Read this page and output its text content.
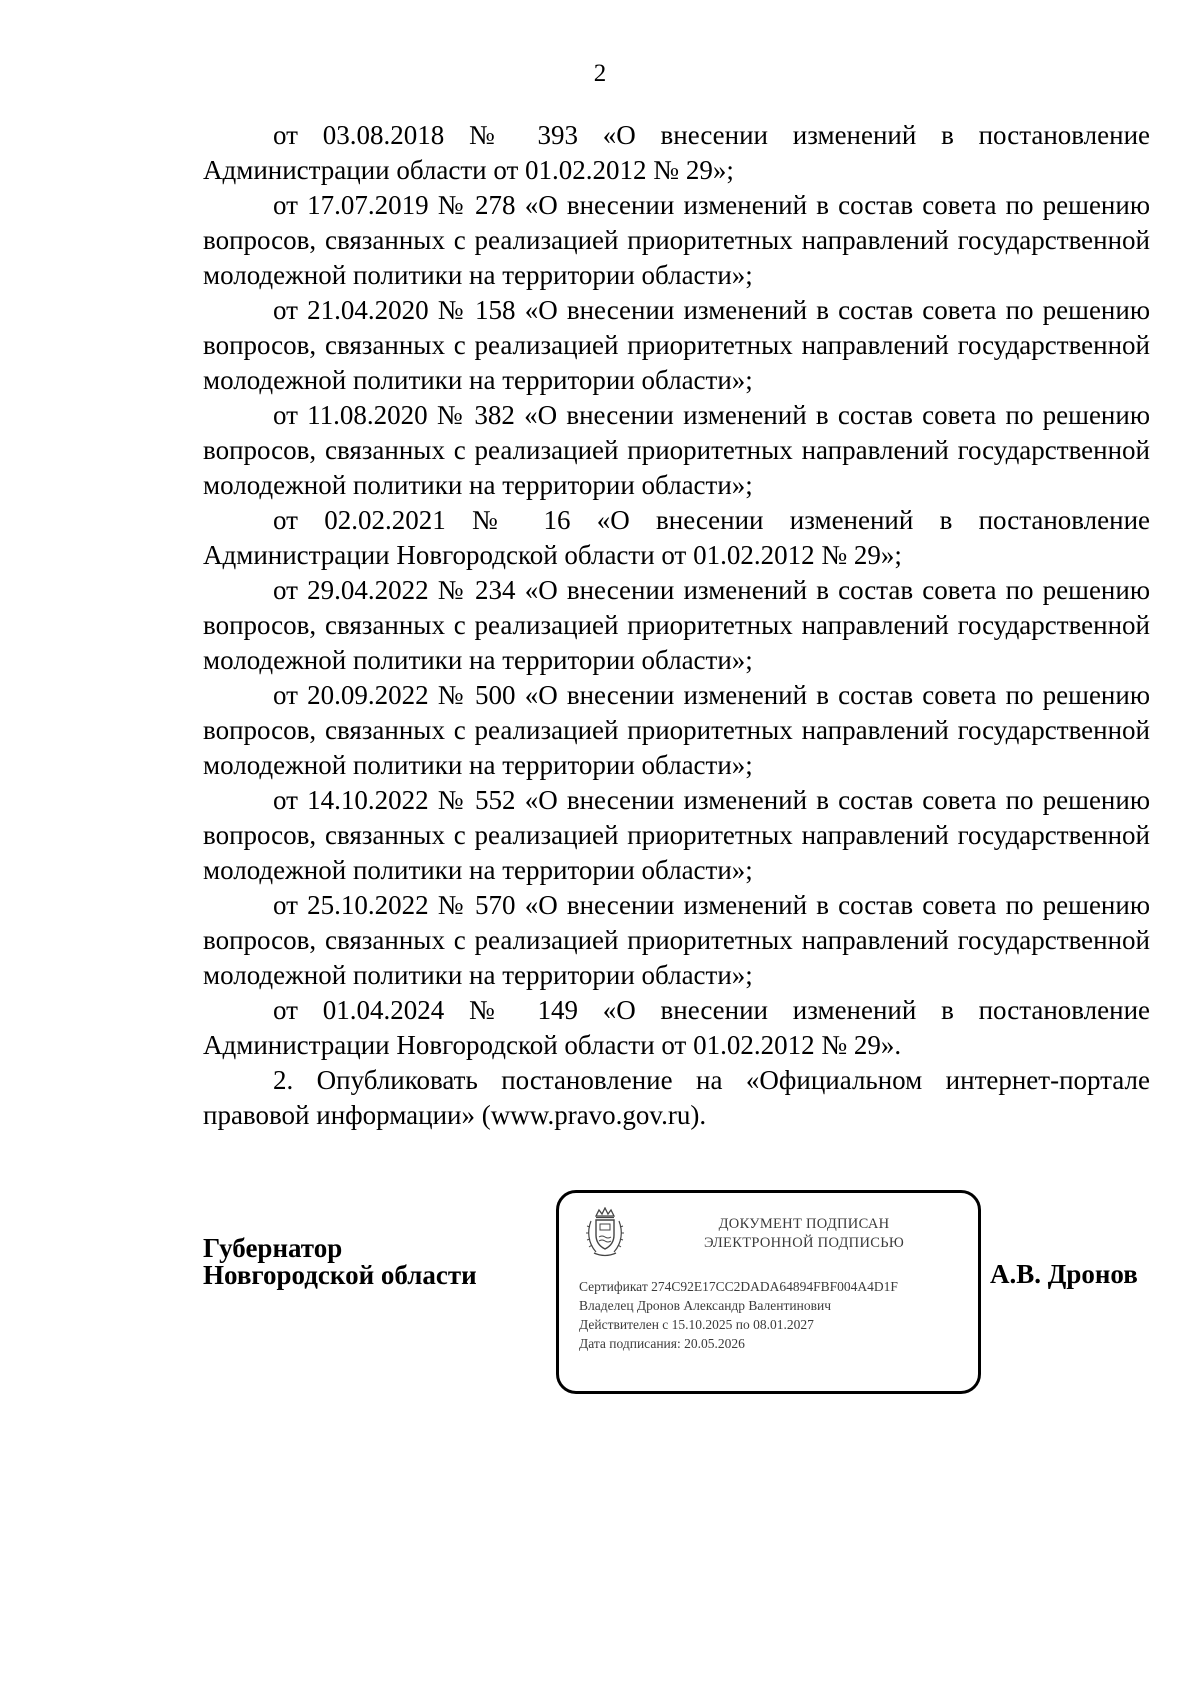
2

от 03.08.2018 № 393 «О внесении изменений в постановление Администрации области от 01.02.2012 № 29»;

от 17.07.2019 № 278 «О внесении изменений в состав совета по решению вопросов, связанных с реализацией приоритетных направлений государственной молодежной политики на территории области»;

от 21.04.2020 № 158 «О внесении изменений в состав совета по решению вопросов, связанных с реализацией приоритетных направлений государственной молодежной политики на территории области»;

от 11.08.2020 № 382 «О внесении изменений в состав совета по решению вопросов, связанных с реализацией приоритетных направлений государственной молодежной политики на территории области»;

от 02.02.2021 № 16 «О внесении изменений в постановление Администрации Новгородской области от 01.02.2012 № 29»;

от 29.04.2022 № 234 «О внесении изменений в состав совета по решению вопросов, связанных с реализацией приоритетных направлений государственной молодежной политики на территории области»;

от 20.09.2022 № 500 «О внесении изменений в состав совета по решению вопросов, связанных с реализацией приоритетных направлений государственной молодежной политики на территории области»;

от 14.10.2022 № 552 «О внесении изменений в состав совета по решению вопросов, связанных с реализацией приоритетных направлений государственной молодежной политики на территории области»;

от 25.10.2022 № 570 «О внесении изменений в состав совета по решению вопросов, связанных с реализацией приоритетных направлений государственной молодежной политики на территории области»;

от 01.04.2024 № 149 «О внесении изменений в постановление Администрации Новгородской области от 01.02.2012 № 29».

2. Опубликовать постановление на «Официальном интернет-портале правовой информации» (www.pravo.gov.ru).

Губернатор
Новгородской области
ДОКУМЕНТ ПОДПИСАН
ЭЛЕКТРОННОЙ ПОДПИСЬЮ
Сертификат 274C92E17CC2DADA64894FBF004A4D1F
Владелец Дронов Александр Валентинович
Действителен с 15.10.2025 по 08.01.2027
Дата подписания: 20.05.2026
А.В. Дронов
